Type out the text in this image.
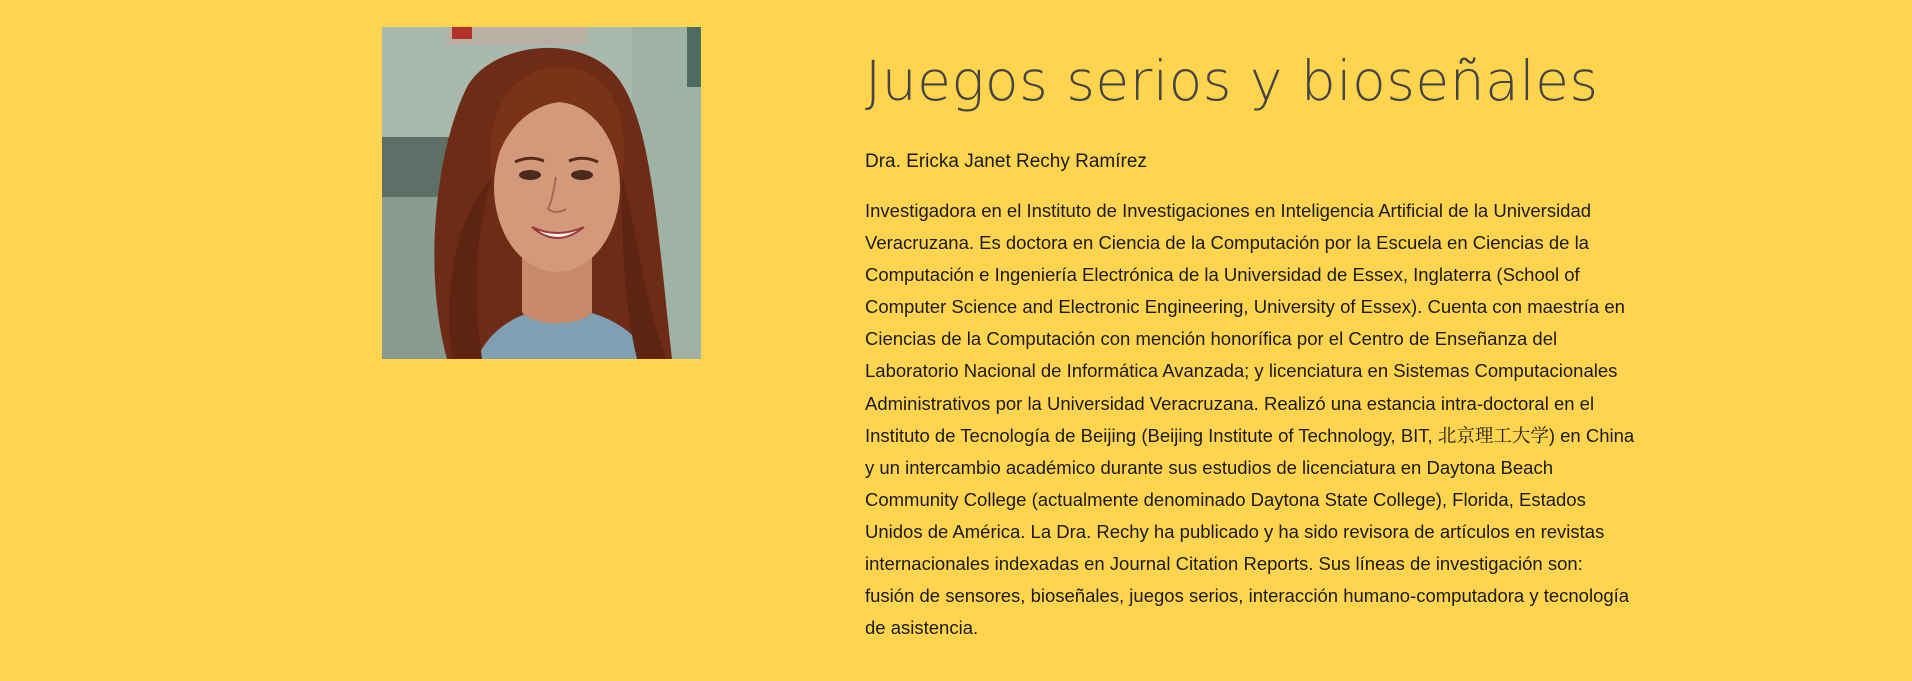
Juegos serios y bioseñales

Dra. Ericka Janet Rechy Ramírez

Investigadora en el Instituto de Investigaciones en Inteligencia Artificial de la Universidad Veracruzana. Es doctora en Ciencia de la Computación por la Escuela en Ciencias de la Computación e Ingeniería Electrónica de la Universidad de Essex, Inglaterra (School of Computer Science and Electronic Engineering, University of Essex). Cuenta con maestría en Ciencias de la Computación con mención honorífica por el Centro de Enseñanza del Laboratorio Nacional de Informática Avanzada; y licenciatura en Sistemas Computacionales Administrativos por la Universidad Veracruzana. Realizó una estancia intra-doctoral en el Instituto de Tecnología de Beijing (Beijing Institute of Technology, BIT, 北京理工大学) en China y un intercambio académico durante sus estudios de licenciatura en Daytona Beach Community College (actualmente denominado Daytona State College), Florida, Estados Unidos de América. La Dra. Rechy ha publicado y ha sido revisora de artículos en revistas internacionales indexadas en Journal Citation Reports. Sus líneas de investigación son: fusión de sensores, bioseñales, juegos serios, interacción humano-computadora y tecnología de asistencia.
